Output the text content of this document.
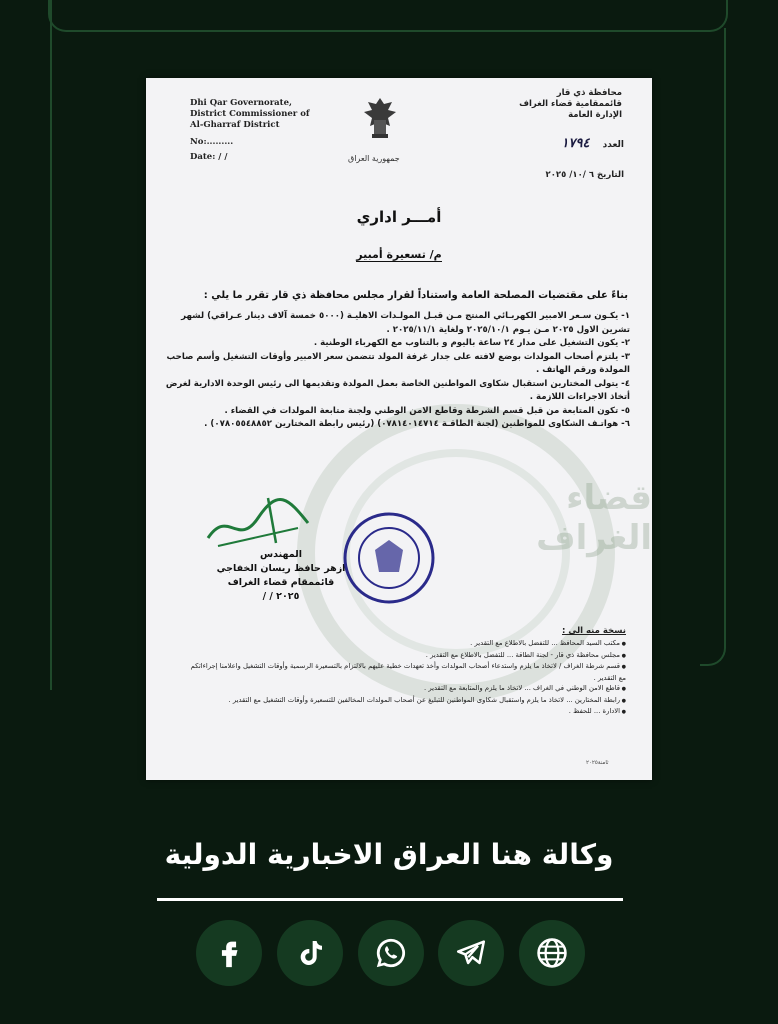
Dhi Qar Governorate,
District Commissioner of
Al-Gharraf District
No:.........
Date: / /	جمهورية العراق
محافظة ذي قار
قائممقامية قضاء الغراف
الإدارة العامة
العدد ١٧٩٤
التاريخ ٦ /١٠/ ٢٠٢٥
أمـــر اداري
م/ تسعيرة أمبير
قضاء الغراف
بناءً على مقتضيات المصلحة العامة واستناداً لقرار مجلس محافظة ذي قار تقرر ما يلي :
١- يكـون سـعر الامبير الكهربـائي المنتج مـن قبـل المولـدات الاهليـة (٥٠٠٠ خمسة آلاف دينار عـراقي) لشهر تشرين الاول ٢٠٢٥ مـن يـوم ٢٠٢٥/١٠/١ ولغاية ٢٠٢٥/١١/١ .
٢- يكون التشغيل على مدار ٢٤ ساعة باليوم و بالتناوب مع الكهرباء الوطنية .
٣- يلتزم أصحاب المولدات بوضع لافته على جدار غرفة المولد تتضمن سعر الامبير وأوقات التشغيل وأسم صاحب المولدة ورقم الهاتف .
٤- يتولى المختارين استقبال شكاوى المواطنين الخاصة بعمل المولدة وتقديمها الى رئيس الوحدة الادارية لغرض أتخاذ الاجراءات اللازمة .
٥- تكون المتابعة من قبل قسم الشرطة وقاطع الامن الوطني ولجنة متابعة المولدات في القضاء .
٦- هواتـف الشكاوى للمواطنين (لجنة الطاقـة ٠٧٨١٤٠١٤٧١٤) (رئيس رابطة المختارين ٠٧٨٠٥٥٤٨٨٥٢) .
المهندس
ازهر حافظ ريسان الخفاجي
قائممقام قضاء الغراف
٢٠٢٥ / /
نسخة منه الى :
● مكتب السيد المحافظ ... للتفضل بالاطلاع مع التقدير .
● مجلس محافظة ذي قار - لجنة الطاقة ... للتفضل بالاطلاع مع التقدير .
● قسم شرطة الغراف / لاتخاذ ما يلزم واستدعاء أصحاب المولدات وأخذ تعهدات خطية عليهم بالالتزام بالتسعيرة الرسمية وأوقات التشغيل واعلامنا إجراءاتكم مع التقدير .
● قاطع الامن الوطني في الغراف ... لاتخاذ ما يلزم والمتابعة مع التقدير .
● رابطة المختارين ... لاتخاذ ما يلزم واستقبال شكاوى المواطنين للتبليغ عن أصحاب المولدات المخالفين للتسعيرة وأوقات التشغيل مع التقدير .
● الادارة ... للحفظ .
ثامنة٢٠٢٥
وكالة هنا العراق الاخبارية الدولية
